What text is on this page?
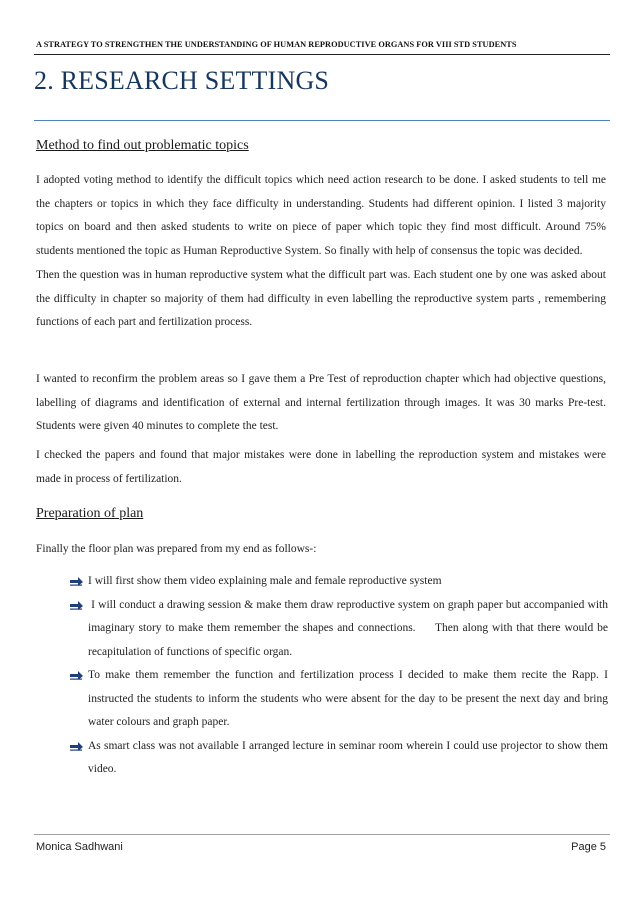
A STRATEGY TO STRENGTHEN THE UNDERSTANDING OF HUMAN REPRODUCTIVE ORGANS FOR VIII STD STUDENTS
2. RESEARCH SETTINGS
Method to find out problematic topics

I adopted voting method to identify the difficult topics which need action research to be done. I asked students to tell me the chapters or topics in which they face difficulty in understanding. Students had different opinion. I listed 3 majority topics on board and then asked students to write on piece of paper which topic they find most difficult. Around 75% students mentioned the topic as Human Reproductive System. So finally with help of consensus the topic was decided.

Then the question was in human reproductive system what the difficult part was. Each student one by one was asked about the difficulty in chapter so majority of them had difficulty in even labelling the reproductive system parts , remembering functions of each part and fertilization process.

I wanted to reconfirm the problem areas so I gave them a Pre Test of reproduction chapter which had objective questions, labelling of diagrams and identification of external and internal fertilization through images. It was 30 marks Pre-test. Students were given 40 minutes to complete the test.

I checked the papers and found that major mistakes were done in labelling the reproduction system and mistakes were made in process of fertilization.

Preparation of plan

Finally the floor plan was prepared from my end as follows-:

I will first show them video explaining male and female reproductive system
I will conduct a drawing session & make them draw reproductive system on graph paper but accompanied with imaginary story to make them remember the shapes and connections.     Then along with that there would be recapitulation of functions of specific organ.
To make them remember the function and fertilization process I decided to make them recite the Rapp. I instructed the students to inform the students who were absent for the day to be present the next day and bring water colours and graph paper.
As smart class was not available I arranged lecture in seminar room wherein I could use projector to show them video.
Monica Sadhwani	Page 5
